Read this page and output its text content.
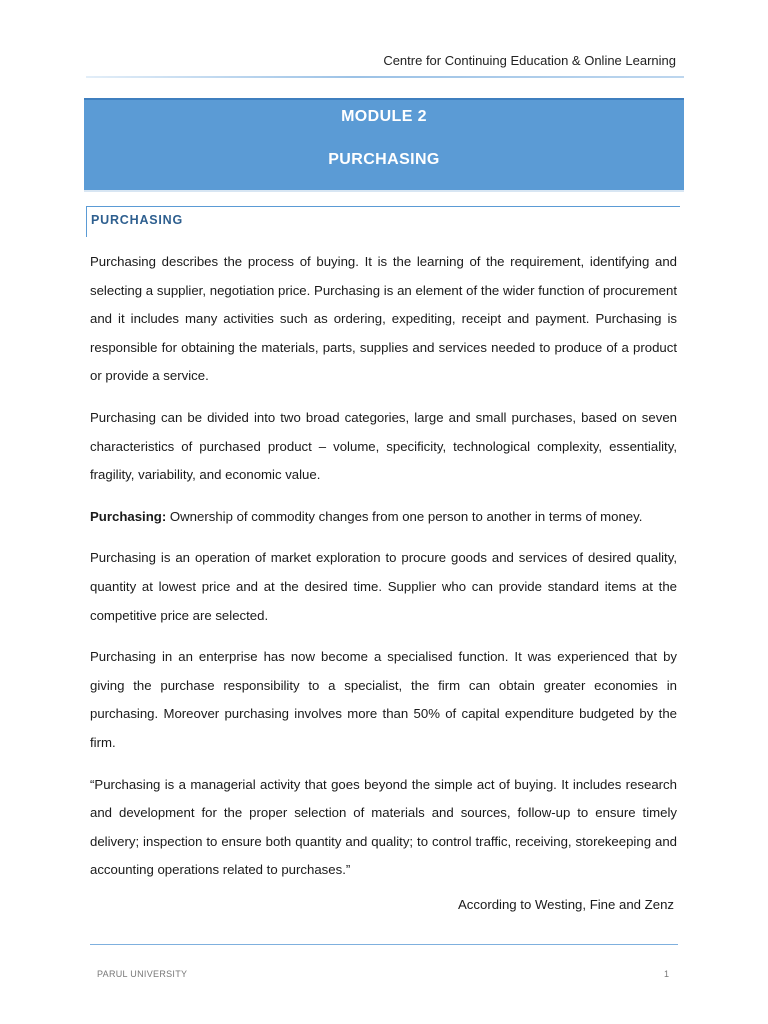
Centre for Continuing Education & Online Learning
MODULE 2
PURCHASING
PURCHASING

Purchasing describes the process of buying. It is the learning of the requirement, identifying and selecting a supplier, negotiation price. Purchasing is an element of the wider function of procurement and it includes many activities such as ordering, expediting, receipt and payment. Purchasing is responsible for obtaining the materials, parts, supplies and services needed to produce of a product or provide a service.

Purchasing can be divided into two broad categories, large and small purchases, based on seven characteristics of purchased product – volume, specificity, technological complexity, essentiality, fragility, variability, and economic value.

Purchasing: Ownership of commodity changes from one person to another in terms of money.

Purchasing is an operation of market exploration to procure goods and services of desired quality, quantity at lowest price and at the desired time. Supplier who can provide standard items at the competitive price are selected.

Purchasing in an enterprise has now become a specialised function. It was experienced that by giving the purchase responsibility to a specialist, the firm can obtain greater economies in purchasing. Moreover purchasing involves more than 50% of capital expenditure budgeted by the firm.

“Purchasing is a managerial activity that goes beyond the simple act of buying. It includes research and development for the proper selection of materials and sources, follow-up to ensure timely delivery; inspection to ensure both quantity and quality; to control traffic, receiving, storekeeping and accounting operations related to purchases.”

According to Westing, Fine and Zenz
PARUL UNIVERSITY	1
